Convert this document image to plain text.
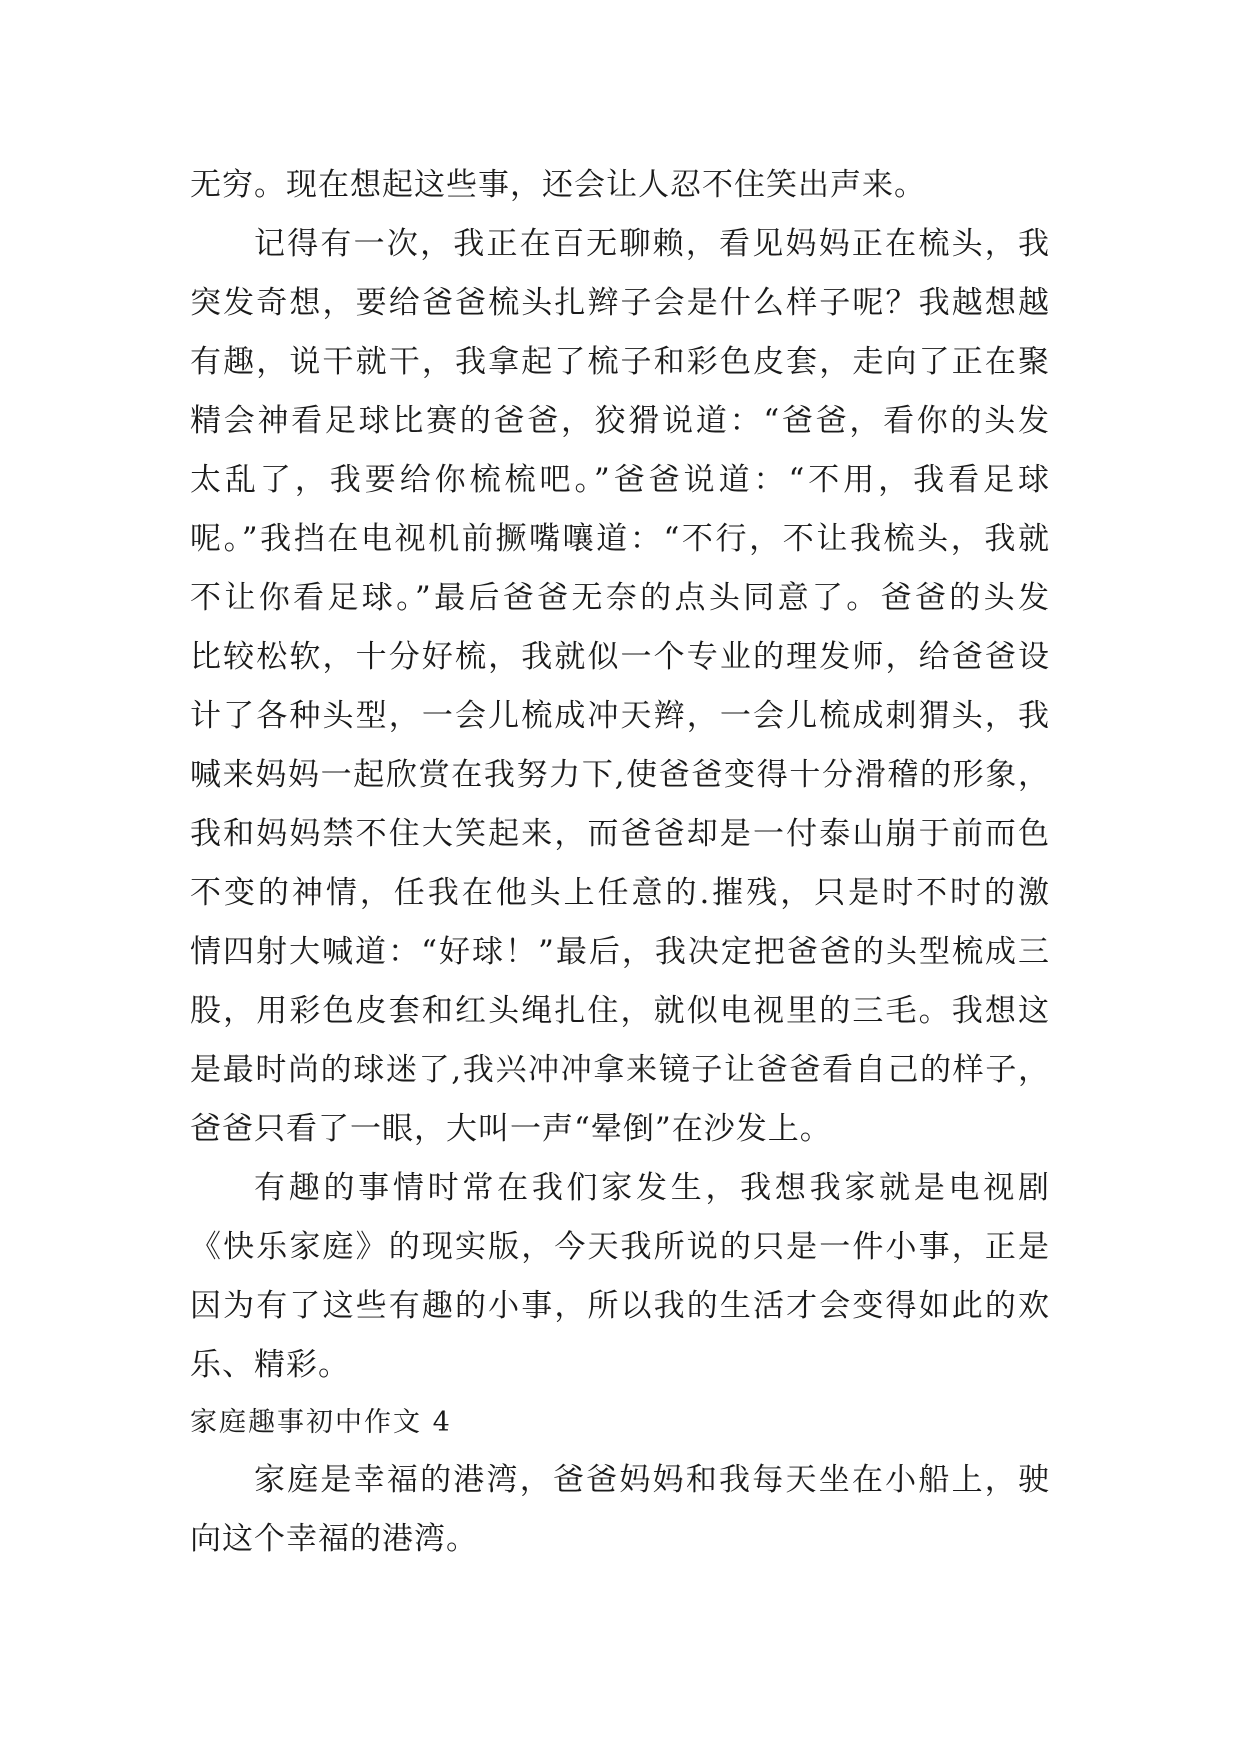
无穷。现在想起这些事，还会让人忍不住笑出声来。
记得有一次，我正在百无聊赖，看见妈妈正在梳头，我
突发奇想，要给爸爸梳头扎辫子会是什么样子呢？我越想越
有趣，说干就干，我拿起了梳子和彩色皮套，走向了正在聚
精会神看足球比赛的爸爸，狡猾说道：“爸爸，看你的头发
太乱了，我要给你梳梳吧。”爸爸说道：“不用，我看足球
呢。”我挡在电视机前撅嘴嚷道：“不行，不让我梳头，我就
不让你看足球。”最后爸爸无奈的点头同意了。爸爸的头发
比较松软，十分好梳，我就似一个专业的理发师，给爸爸设
计了各种头型，一会儿梳成冲天辫，一会儿梳成刺猬头，我
喊来妈妈一起欣赏在我努力下,使爸爸变得十分滑稽的形象，
我和妈妈禁不住大笑起来，而爸爸却是一付泰山崩于前而色
不变的神情，任我在他头上任意的.摧残，只是时不时的激
情四射大喊道：“好球！”最后，我决定把爸爸的头型梳成三
股，用彩色皮套和红头绳扎住，就似电视里的三毛。我想这
是最时尚的球迷了,我兴冲冲拿来镜子让爸爸看自己的样子，
爸爸只看了一眼，大叫一声“晕倒”在沙发上。
有趣的事情时常在我们家发生，我想我家就是电视剧
《快乐家庭》的现实版，今天我所说的只是一件小事，正是
因为有了这些有趣的小事，所以我的生活才会变得如此的欢
乐、精彩。
家庭趣事初中作文 4
家庭是幸福的港湾，爸爸妈妈和我每天坐在小船上，驶
向这个幸福的港湾。
